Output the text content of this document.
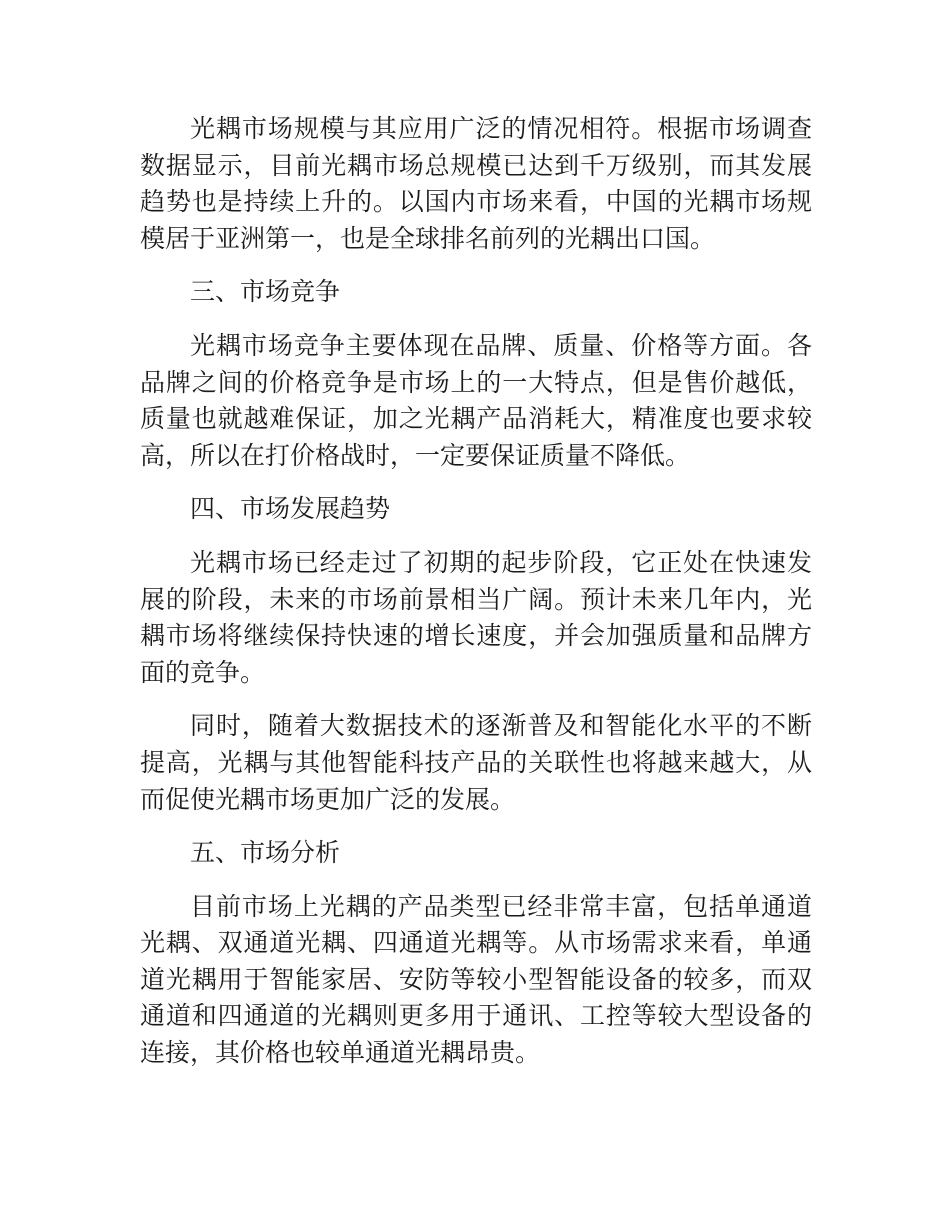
光耦市场规模与其应用广泛的情况相符。根据市场调查数据显示，目前光耦市场总规模已达到千万级别，而其发展趋势也是持续上升的。以国内市场来看，中国的光耦市场规模居于亚洲第一，也是全球排名前列的光耦出口国。

三、市场竞争

光耦市场竞争主要体现在品牌、质量、价格等方面。各品牌之间的价格竞争是市场上的一大特点，但是售价越低，质量也就越难保证，加之光耦产品消耗大，精准度也要求较高，所以在打价格战时，一定要保证质量不降低。

四、市场发展趋势

光耦市场已经走过了初期的起步阶段，它正处在快速发展的阶段，未来的市场前景相当广阔。预计未来几年内，光耦市场将继续保持快速的增长速度，并会加强质量和品牌方面的竞争。

同时，随着大数据技术的逐渐普及和智能化水平的不断提高，光耦与其他智能科技产品的关联性也将越来越大，从而促使光耦市场更加广泛的发展。

五、市场分析

目前市场上光耦的产品类型已经非常丰富，包括单通道光耦、双通道光耦、四通道光耦等。从市场需求来看，单通道光耦用于智能家居、安防等较小型智能设备的较多，而双通道和四通道的光耦则更多用于通讯、工控等较大型设备的连接，其价格也较单通道光耦昂贵。
